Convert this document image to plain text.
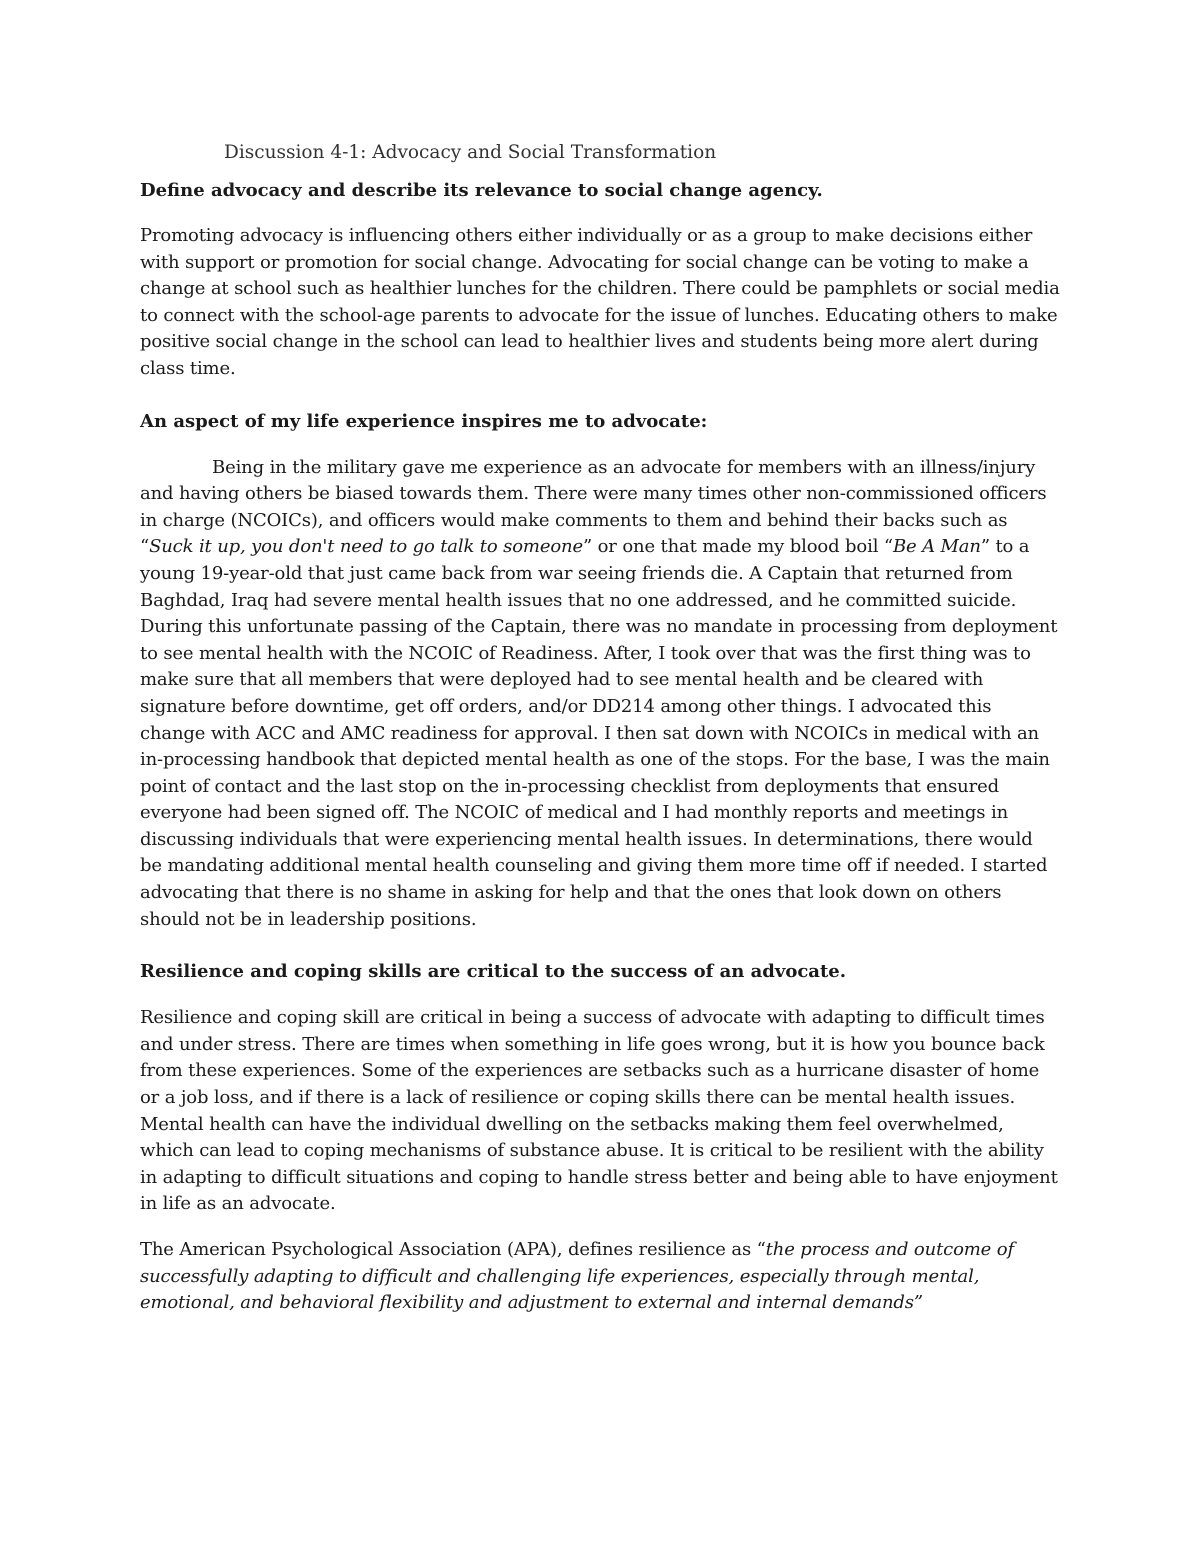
Discussion 4-1: Advocacy and Social Transformation
Define advocacy and describe its relevance to social change agency.

Promoting advocacy is influencing others either individually or as a group to make decisions either with support or promotion for social change. Advocating for social change can be voting to make a change at school such as healthier lunches for the children. There could be pamphlets or social media to connect with the school-age parents to advocate for the issue of lunches. Educating others to make positive social change in the school can lead to healthier lives and students being more alert during class time.

An aspect of my life experience inspires me to advocate:

Being in the military gave me experience as an advocate for members with an illness/injury and having others be biased towards them. There were many times other non-commissioned officers in charge (NCOICs), and officers would make comments to them and behind their backs such as “Suck it up, you don't need to go talk to someone” or one that made my blood boil “Be A Man” to a young 19-year-old that just came back from war seeing friends die. A Captain that returned from Baghdad, Iraq had severe mental health issues that no one addressed, and he committed suicide. During this unfortunate passing of the Captain, there was no mandate in processing from deployment to see mental health with the NCOIC of Readiness. After, I took over that was the first thing was to make sure that all members that were deployed had to see mental health and be cleared with signature before downtime, get off orders, and/or DD214 among other things. I advocated this change with ACC and AMC readiness for approval. I then sat down with NCOICs in medical with an in-processing handbook that depicted mental health as one of the stops. For the base, I was the main point of contact and the last stop on the in-processing checklist from deployments that ensured everyone had been signed off. The NCOIC of medical and I had monthly reports and meetings in discussing individuals that were experiencing mental health issues. In determinations, there would be mandating additional mental health counseling and giving them more time off if needed. I started advocating that there is no shame in asking for help and that the ones that look down on others should not be in leadership positions.

Resilience and coping skills are critical to the success of an advocate.

Resilience and coping skill are critical in being a success of advocate with adapting to difficult times and under stress. There are times when something in life goes wrong, but it is how you bounce back from these experiences. Some of the experiences are setbacks such as a hurricane disaster of home or a job loss, and if there is a lack of resilience or coping skills there can be mental health issues. Mental health can have the individual dwelling on the setbacks making them feel overwhelmed, which can lead to coping mechanisms of substance abuse. It is critical to be resilient with the ability in adapting to difficult situations and coping to handle stress better and being able to have enjoyment in life as an advocate.

The American Psychological Association (APA), defines resilience as “the process and outcome of successfully adapting to difficult and challenging life experiences, especially through mental, emotional, and behavioral flexibility and adjustment to external and internal demands”
